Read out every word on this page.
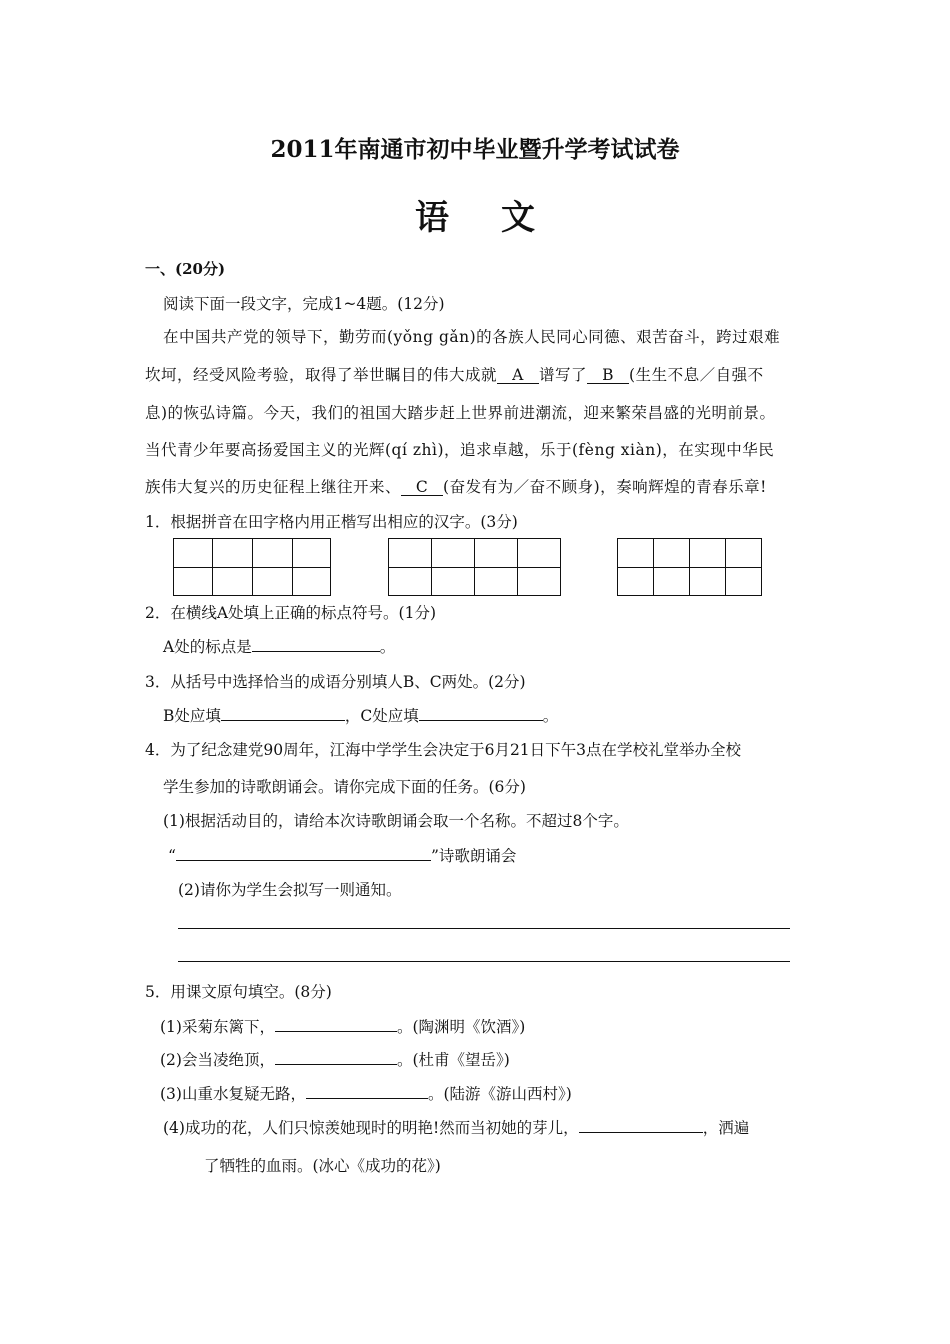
2011年南通市初中毕业暨升学考试试卷
语 文
一、(20分)
阅读下面一段文字，完成1~4题。(12分)
在中国共产党的领导下，勤劳而(yǒng gǎn)的各族人民同心同德、艰苦奋斗，跨过艰难
坎坷，经受风险考验，取得了举世瞩目的伟大成就 A 谱写了 B (生生不息／自强不
息)的恢弘诗篇。今天，我们的祖国大踏步赶上世界前进潮流，迎来繁荣昌盛的光明前景。
当代青少年要高扬爱国主义的光辉(qí zhì)，追求卓越，乐于(fèng xiàn)，在实现中华民
族伟大复兴的历史征程上继往开来、 C (奋发有为／奋不顾身)，奏响辉煌的青春乐章!
1．根据拼音在田字格内用正楷写出相应的汉字。(3分)
2．在横线A处填上正确的标点符号。(1分)
A处的标点是	。
3．从括号中选择恰当的成语分别填人B、C两处。(2分)
B处应填	，C处应填	。
4．为了纪念建党90周年，江海中学学生会决定于6月21日下午3点在学校礼堂举办全校
学生参加的诗歌朗诵会。请你完成下面的任务。(6分)
(1)根据活动目的，请给本次诗歌朗诵会取一个名称。不超过8个字。
“	”诗歌朗诵会
(2)请你为学生会拟写一则通知。
5．用课文原句填空。(8分)
(1)采菊东篱下，	。(陶渊明《饮酒》)
(2)会当凌绝顶，	。(杜甫《望岳》)
(3)山重水复疑无路，	。(陆游《游山西村》)
(4)成功的花，人们只惊羡她现时的明艳!然而当初她的芽儿，	，洒遍
了牺牲的血雨。(冰心《成功的花》)
